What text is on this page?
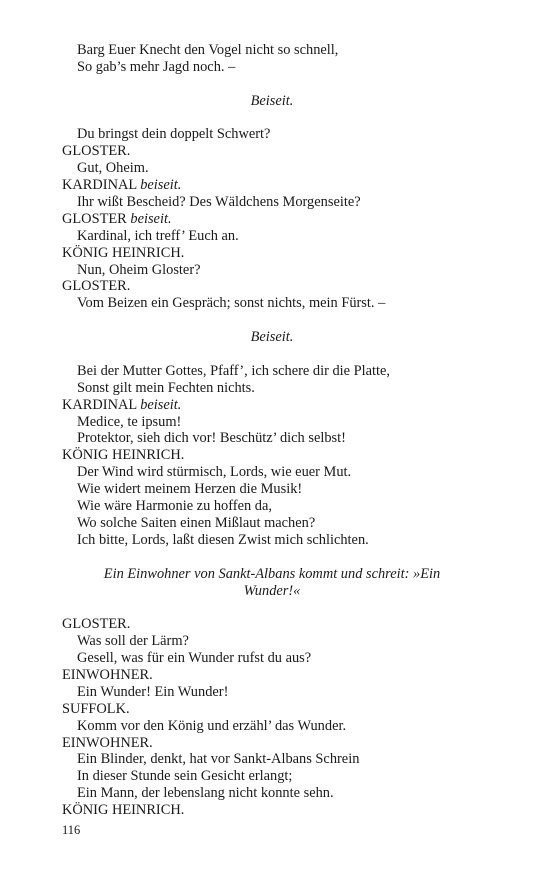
Barg Euer Knecht den Vogel nicht so schnell,
So gab’s mehr Jagd noch. –
Beiseit.
Du bringst dein doppelt Schwert?
GLOSTER.
Gut, Oheim.
KARDINAL beiseit.
Ihr wißt Bescheid? Des Wäldchens Morgenseite?
GLOSTER beiseit.
Kardinal, ich treff’ Euch an.
KÖNIG HEINRICH.
Nun, Oheim Gloster?
GLOSTER.
Vom Beizen ein Gespräch; sonst nichts, mein Fürst. –
Beiseit.
Bei der Mutter Gottes, Pfaff’, ich schere dir die Platte,
Sonst gilt mein Fechten nichts.
KARDINAL beiseit.
Medice, te ipsum!
Protektor, sieh dich vor! Beschütz’ dich selbst!
KÖNIG HEINRICH.
Der Wind wird stürmisch, Lords, wie euer Mut.
Wie widert meinem Herzen die Musik!
Wie wäre Harmonie zu hoffen da,
Wo solche Saiten einen Mißlaut machen?
Ich bitte, Lords, laßt diesen Zwist mich schlichten.
Ein Einwohner von Sankt-Albans kommt und schreit: »Ein Wunder!«
GLOSTER.
Was soll der Lärm?
Gesell, was für ein Wunder rufst du aus?
EINWOHNER.
Ein Wunder! Ein Wunder!
SUFFOLK.
Komm vor den König und erzähl’ das Wunder.
EINWOHNER.
Ein Blinder, denkt, hat vor Sankt-Albans Schrein
In dieser Stunde sein Gesicht erlangt;
Ein Mann, der lebenslang nicht konnte sehn.
KÖNIG HEINRICH.
116
